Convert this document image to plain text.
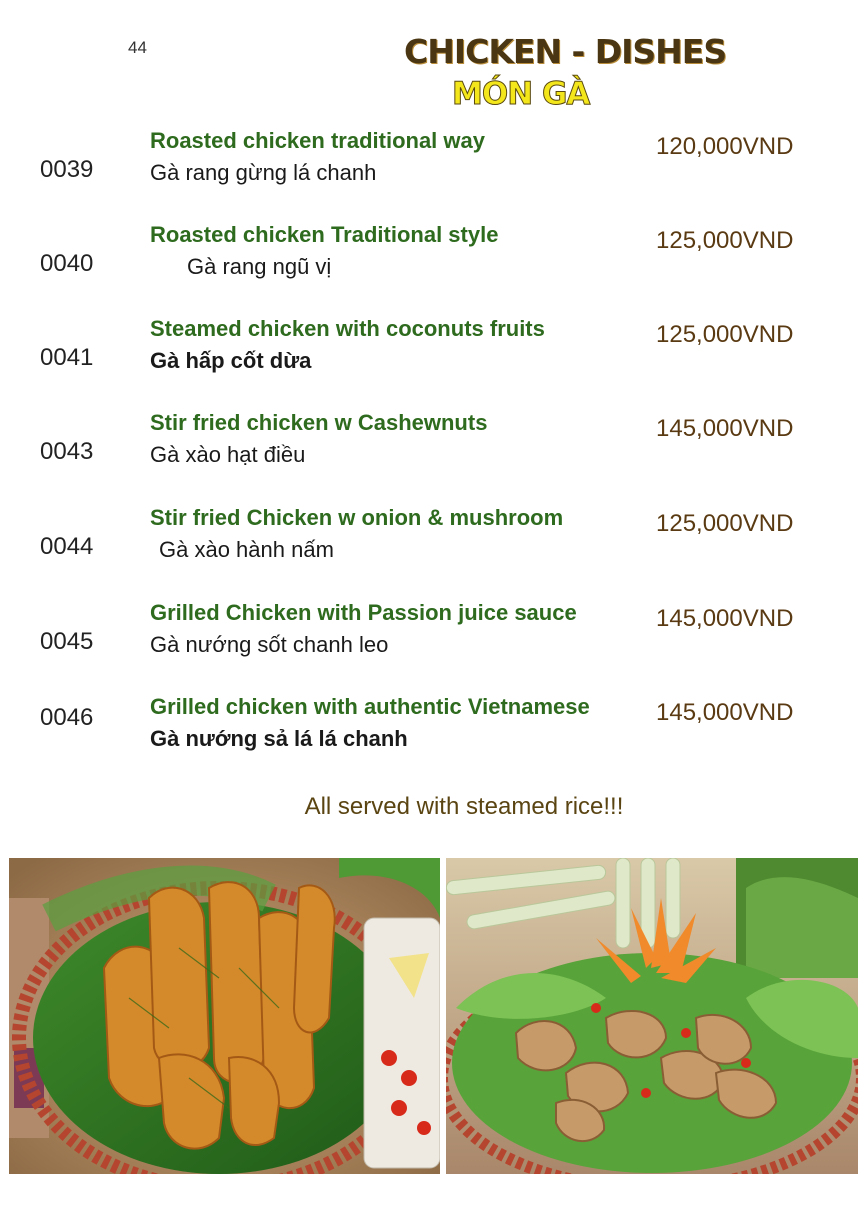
44	CHICKEN - DISHES
MÓN GÀ
0039
Roasted chicken traditional way
Gà rang gừng lá chanh
120,000VND
0040
Roasted chicken Traditional style
Gà rang ngũ vị
125,000VND
0041
Steamed chicken with coconuts fruits
Gà hấp cốt dừa
125,000VND
0043
Stir fried chicken w Cashewnuts
Gà xào hạt điều
145,000VND
0044
Stir fried Chicken w onion & mushroom
Gà xào hành nấm
125,000VND
0045
Grilled Chicken with Passion juice sauce
Gà nướng sốt chanh leo
145,000VND
0046	Grilled chicken with authentic Vietnamese
Gà nướng sả lá lá chanh
145,000VND
All served with steamed rice!!!
